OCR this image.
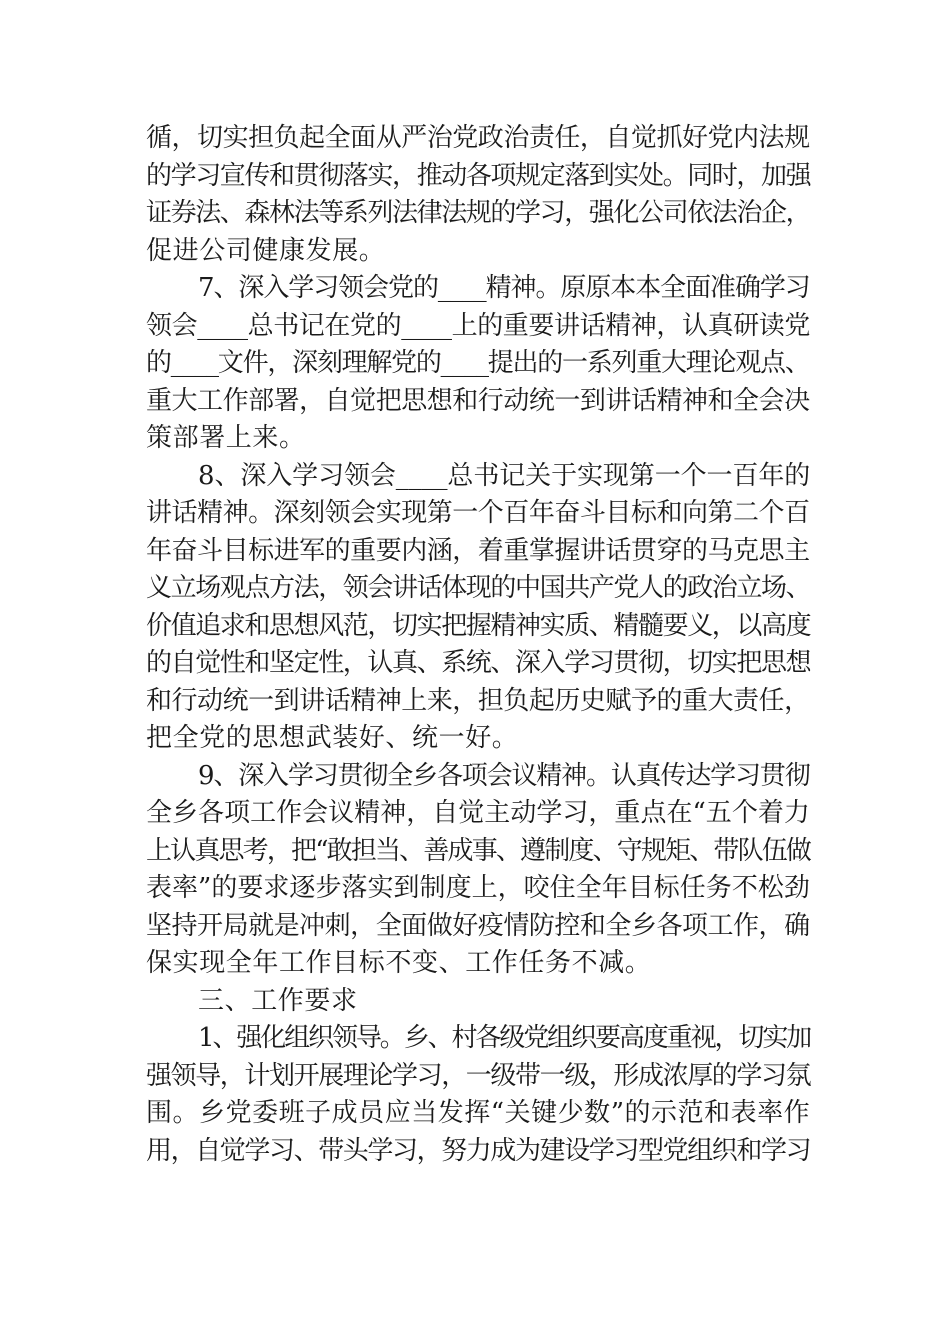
循，切实担负起全面从严治党政治责任，自觉抓好党内法规
的学习宣传和贯彻落实，推动各项规定落到实处。同时，加强
证券法、森林法等系列法律法规的学习，强化公司依法治企，
促进公司健康发展。
7、深入学习领会党的____精神。原原本本全面准确学习
领会____总书记在党的____上的重要讲话精神，认真研读党
的____文件，深刻理解党的____提出的一系列重大理论观点、
重大工作部署，自觉把思想和行动统一到讲话精神和全会决
策部署上来。
8、深入学习领会____总书记关于实现第一个一百年的
讲话精神。深刻领会实现第一个百年奋斗目标和向第二个百
年奋斗目标进军的重要内涵，着重掌握讲话贯穿的马克思主
义立场观点方法，领会讲话体现的中国共产党人的政治立场、
价值追求和思想风范，切实把握精神实质、精髓要义，以高度
的自觉性和坚定性，认真、系统、深入学习贯彻，切实把思想
和行动统一到讲话精神上来，担负起历史赋予的重大责任，
把全党的思想武装好、统一好。
9、深入学习贯彻全乡各项会议精神。认真传达学习贯彻
全乡各项工作会议精神，自觉主动学习，重点在“五个着力
上认真思考，把“敢担当、善成事、遵制度、守规矩、带队伍做
表率”的要求逐步落实到制度上，咬住全年目标任务不松劲
坚持开局就是冲刺，全面做好疫情防控和全乡各项工作，确
保实现全年工作目标不变、工作任务不减。
三、工作要求
1、强化组织领导。乡、村各级党组织要高度重视，切实加
强领导，计划开展理论学习，一级带一级，形成浓厚的学习氛
围。乡党委班子成员应当发挥“关键少数”的示范和表率作
用，自觉学习、带头学习，努力成为建设学习型党组织和学习
